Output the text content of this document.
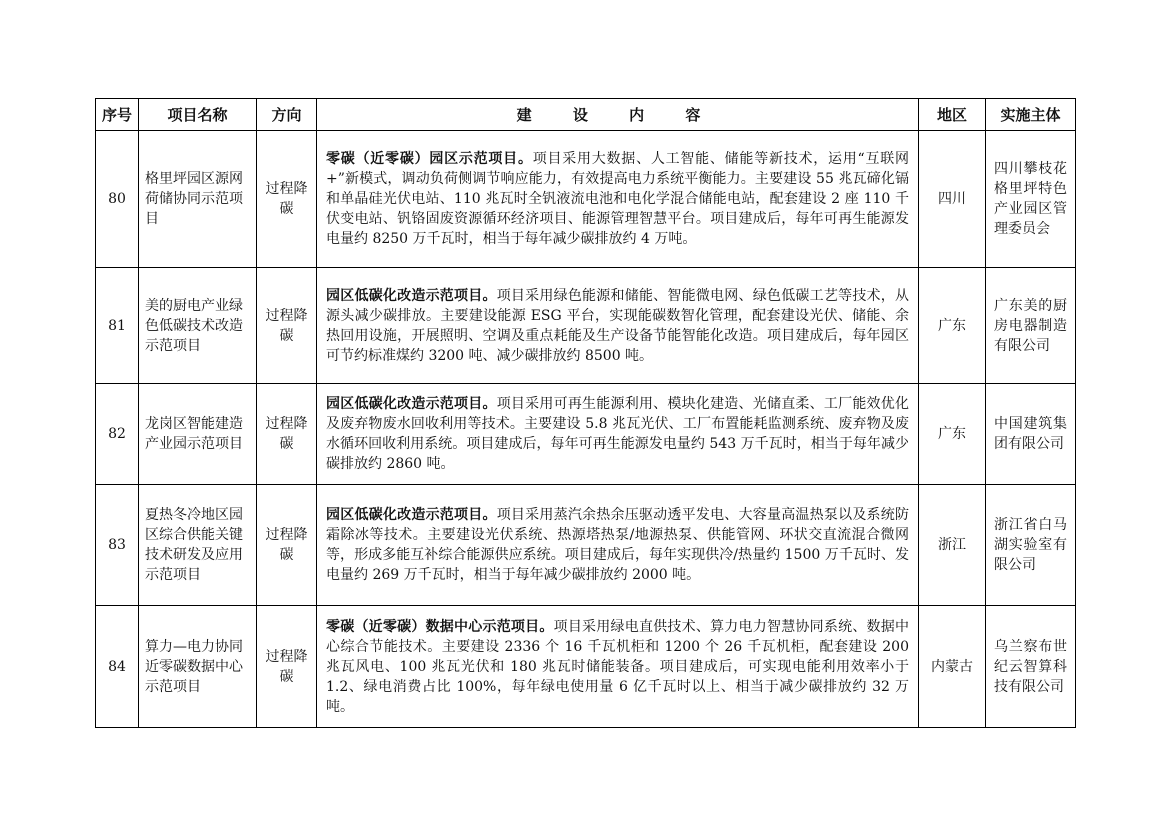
序号	项目名称	方向	建 设 内 容	地区	实施主体
80	格里坪园区源网荷储协同示范项目	过程降碳	零碳（近零碳）园区示范项目。项目采用大数据、人工智能、储能等新技术，运用“互联网+”新模式，调动负荷侧调节响应能力，有效提高电力系统平衡能力。主要建设 55 兆瓦碲化镉和单晶硅光伏电站、110 兆瓦时全钒液流电池和电化学混合储能电站，配套建设 2 座 110 千伏变电站、钒铬固废资源循环经济项目、能源管理智慧平台。项目建成后，每年可再生能源发电量约 8250 万千瓦时，相当于每年减少碳排放约 4 万吨。	四川	四川攀枝花格里坪特色产业园区管理委员会
81	美的厨电产业绿色低碳技术改造示范项目	过程降碳	园区低碳化改造示范项目。项目采用绿色能源和储能、智能微电网、绿色低碳工艺等技术，从源头减少碳排放。主要建设能源 ESG 平台，实现能碳数智化管理，配套建设光伏、储能、余热回用设施，开展照明、空调及重点耗能及生产设备节能智能化改造。项目建成后，每年园区可节约标准煤约 3200 吨、减少碳排放约 8500 吨。	广东	广东美的厨房电器制造有限公司
82	龙岗区智能建造产业园示范项目	过程降碳	园区低碳化改造示范项目。项目采用可再生能源利用、模块化建造、光储直柔、工厂能效优化及废弃物废水回收利用等技术。主要建设 5.8 兆瓦光伏、工厂布置能耗监测系统、废弃物及废水循环回收利用系统。项目建成后，每年可再生能源发电量约 543 万千瓦时，相当于每年减少碳排放约 2860 吨。	广东	中国建筑集团有限公司
83	夏热冬冷地区园区综合供能关键技术研发及应用示范项目	过程降碳	园区低碳化改造示范项目。项目采用蒸汽余热余压驱动透平发电、大容量高温热泵以及系统防霜除冰等技术。主要建设光伏系统、热源塔热泵/地源热泵、供能管网、环状交直流混合微网等，形成多能互补综合能源供应系统。项目建成后，每年实现供冷/热量约 1500 万千瓦时、发电量约 269 万千瓦时，相当于每年减少碳排放约 2000 吨。	浙江	浙江省白马湖实验室有限公司
84	算力—电力协同近零碳数据中心示范项目	过程降碳	零碳（近零碳）数据中心示范项目。项目采用绿电直供技术、算力电力智慧协同系统、数据中心综合节能技术。主要建设 2336 个 16 千瓦机柜和 1200 个 26 千瓦机柜，配套建设 200 兆瓦风电、100 兆瓦光伏和 180 兆瓦时储能装备。项目建成后，可实现电能利用效率小于 1.2、绿电消费占比 100%，每年绿电使用量 6 亿千瓦时以上、相当于减少碳排放约 32 万吨。	内蒙古	乌兰察布世纪云智算科技有限公司
